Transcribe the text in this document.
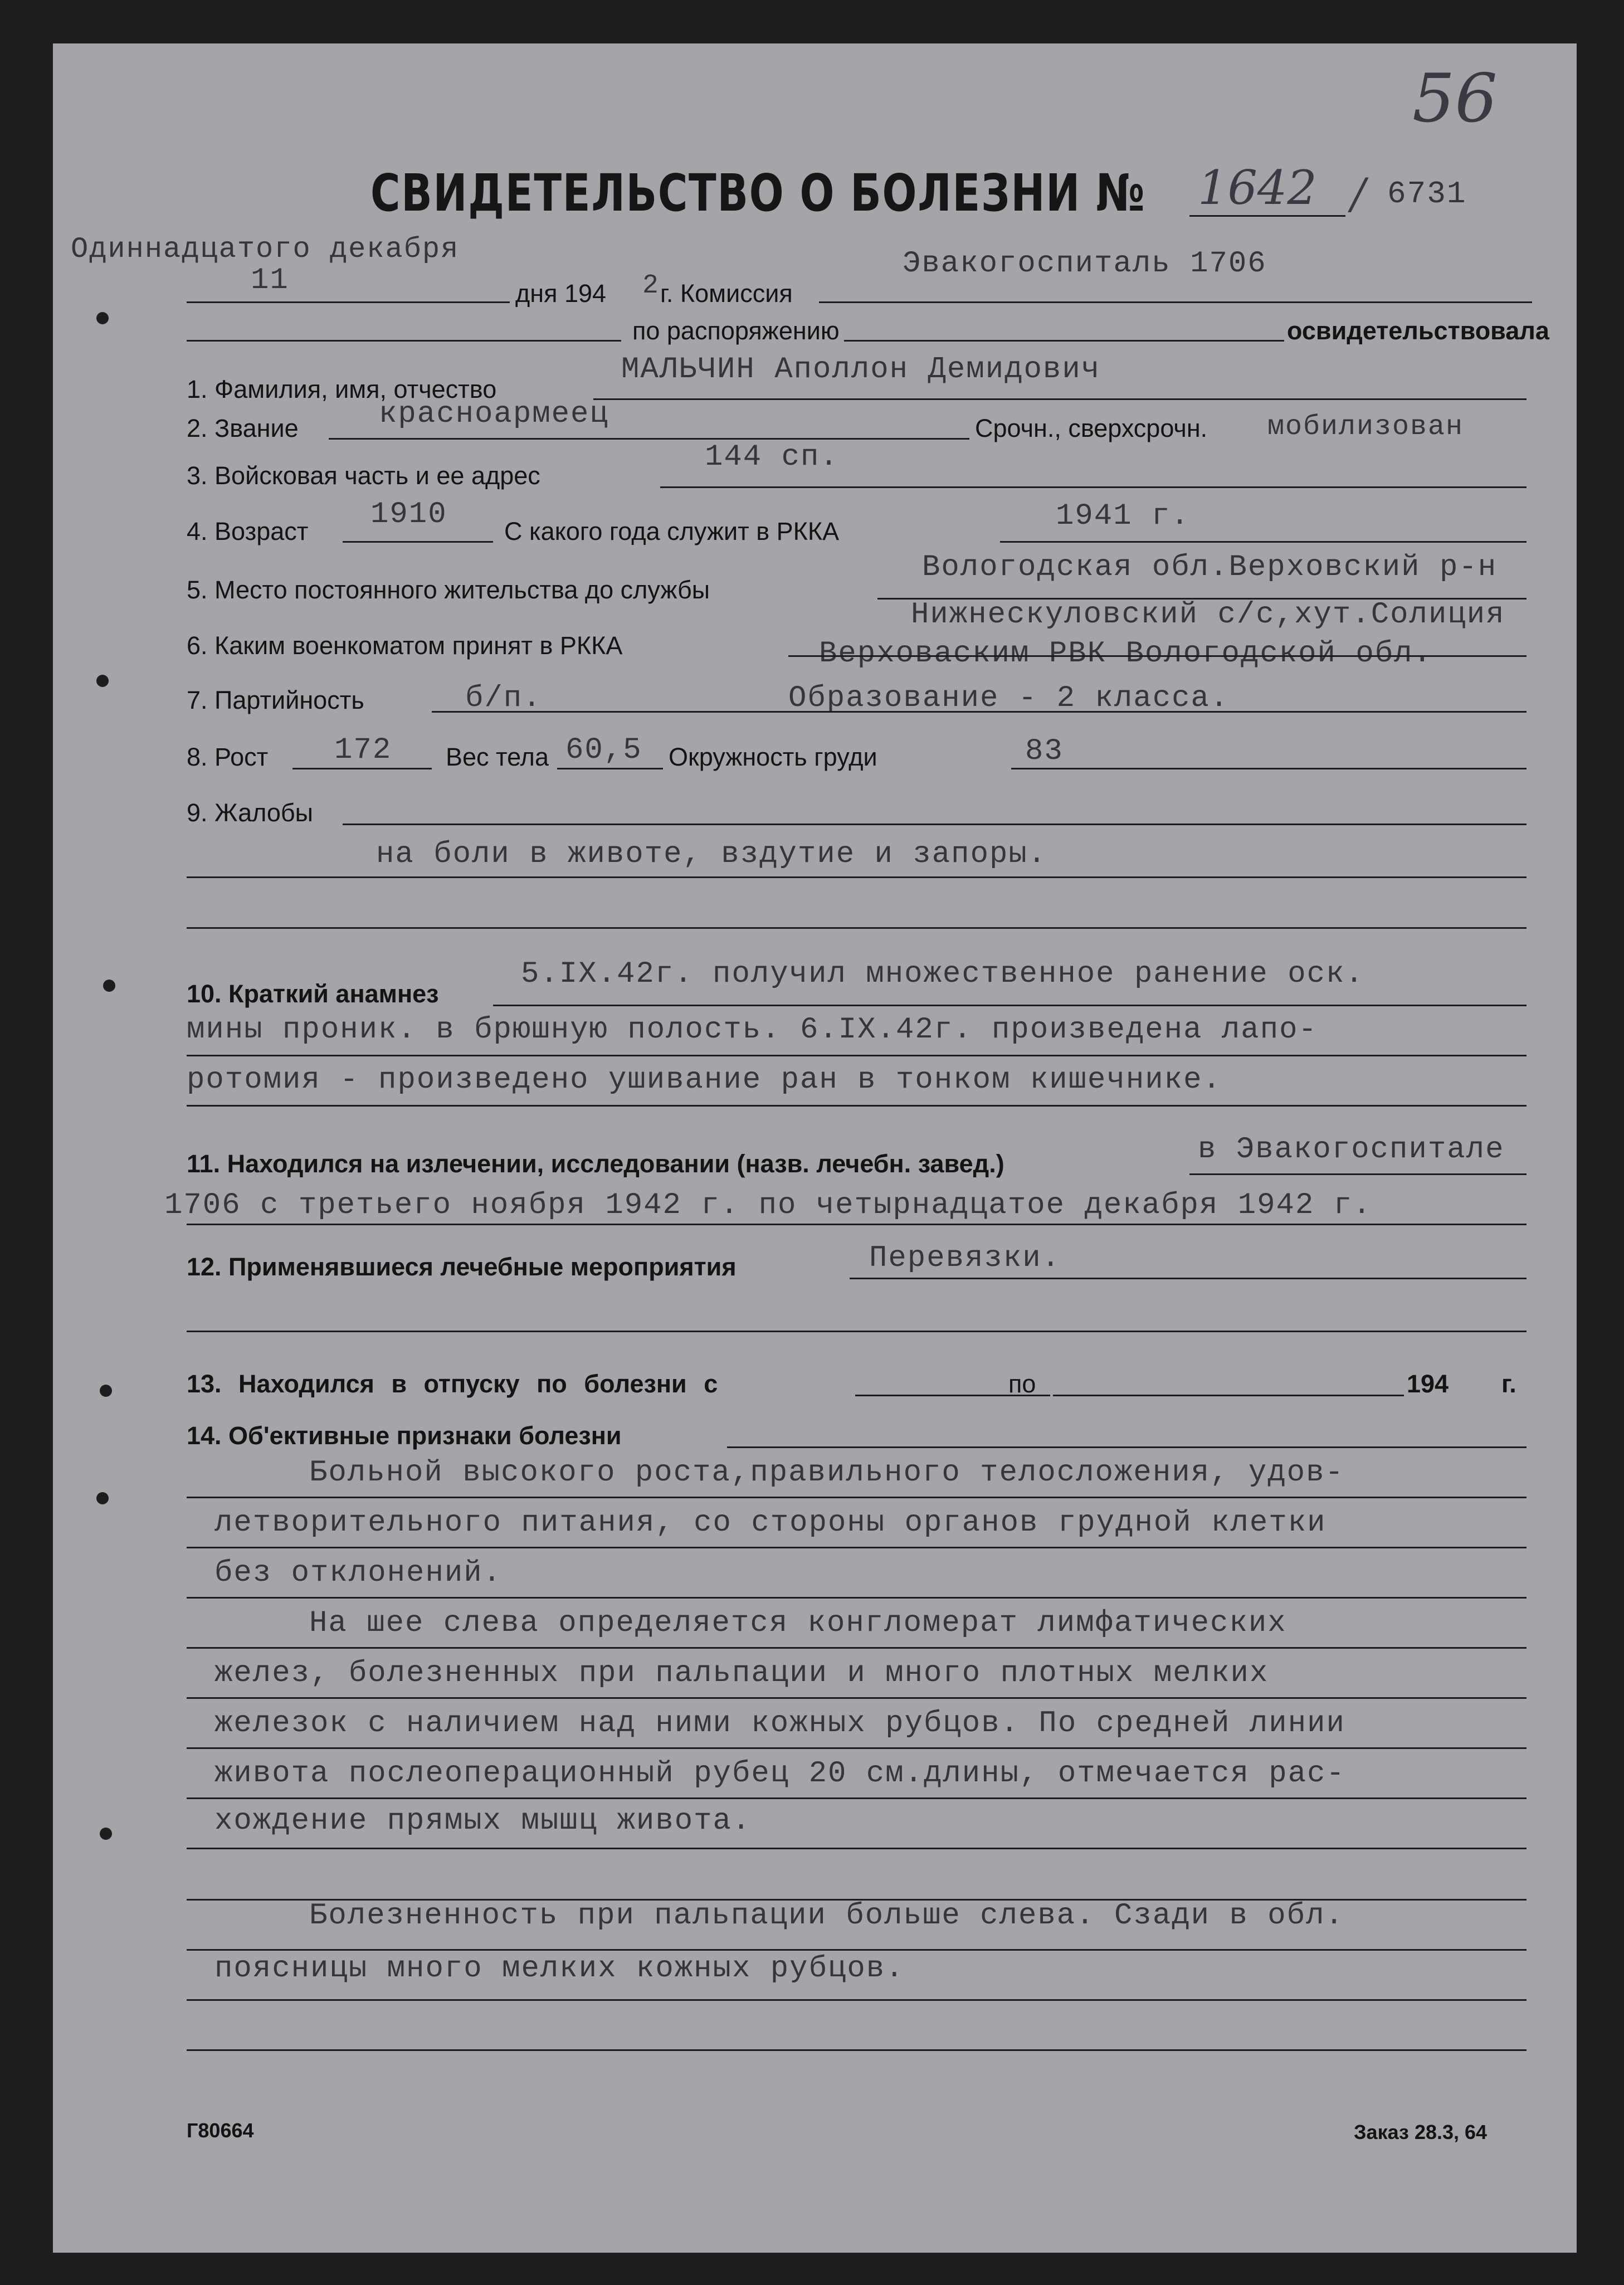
56
СВИДЕТЕЛЬСТВО О БОЛЕЗНИ № 1642 / 6731
Одиннадцатого декабря
11	дня 194 2 г. Комиссия
Эвакогоспиталь 1706
по распоряжению	освидетельствовала
1. Фамилия, имя, отчество
МАЛЬЧИН Аполлон Демидович
2. Звание	красноармеец	Срочн., сверхсрочн. мобилизован
3. Войсковая часть и ее адрес
144 сп.
4. Возраст 1910 С какого года служит в РККА	1941 г.
5. Место постоянного жительства до службы
Вологодская обл.Верховский р-н
Нижнескуловский с/с,хут.Солиция
6. Каким военкоматом принят в РККА	Верховаским РВК Вологодской обл.
7. Партийность	б/п.	Образование - 2 класса.
8. Рост 172 Вес тела 60,5 Окружность груди	83
9. Жалобы
на боли в животе, вздутие и запоры.
10. Краткий анамнез
5.IX.42г. получил множественное ранение оск.
мины проник. в брюшную полость. 6.IX.42г. произведена лапо-
ротомия - произведено ушивание ран в тонком кишечнике.
11. Находился на излечении, исследовании (назв. лечебн. завед.)	в Эвакогоспитале
1706 с третьего ноября 1942 г. по четырнадцатое декабря 1942 г.
12. Применявшиеся лечебные мероприятия	Перевязки.
13. Находился в отпуску по болезни с	по	194 г.
14. Об'ективные признаки болезни
Больной высокого роста,правильного телосложения, удов-
летворительного питания, со стороны органов грудной клетки
без отклонений.
На шее слева определяется конгломерат лимфатических
желез, болезненных при пальпации и много плотных мелких
железок с наличием над ними кожных рубцов. По средней линии
живота послеоперационный рубец 20 см.длины, отмечается рас-
хождение прямых мышц живота.
Болезненность при пальпации больше слева. Сзади в обл.
поясницы много мелких кожных рубцов.
Г80664	Заказ 28.3, 64
